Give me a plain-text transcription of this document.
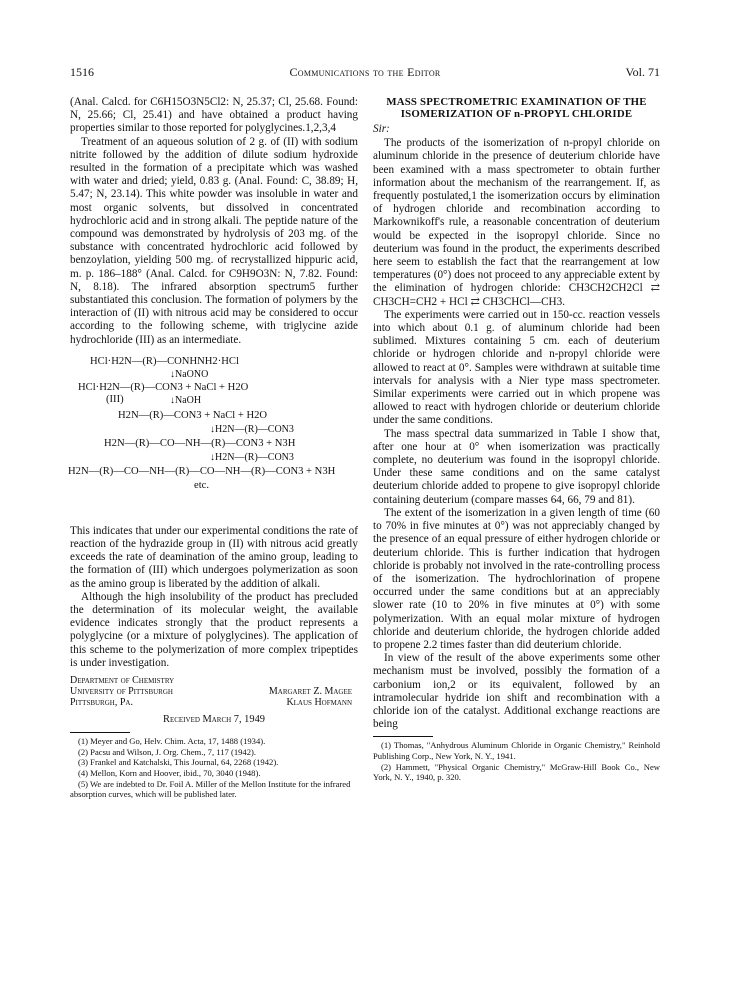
1516	Communications to the Editor	Vol. 71

(Anal. Calcd. for C6H15O3N5Cl2: N, 25.37; Cl, 25.68. Found: N, 25.66; Cl, 25.41) and have obtained a product having properties similar to those reported for polyglycines.1,2,3,4

Treatment of an aqueous solution of 2 g. of (II) with sodium nitrite followed by the addition of dilute sodium hydroxide resulted in the formation of a precipitate which was washed with water and dried; yield, 0.83 g. (Anal. Found: C, 38.89; H, 5.47; N, 23.14). This white powder was insoluble in water and most organic solvents, but dissolved in concentrated hydrochloric acid and in strong alkali. The peptide nature of the compound was demonstrated by hydrolysis of 203 mg. of the substance with concentrated hydrochloric acid followed by benzoylation, yielding 500 mg. of recrystallized hippuric acid, m. p. 186–188° (Anal. Calcd. for C9H9O3N: N, 7.82. Found: N, 8.18). The infrared absorption spectrum5 further substantiated this conclusion. The formation of polymers by the interaction of (II) with nitrous acid may be considered to occur according to the following scheme, with triglycine azide hydrochloride (III) as an intermediate.

HCl·H2N—(R)—CONHNH2·HCl
↓NaONO
HCl·H2N—(R)—CON3 + NaCl + H2O
(III)	↓NaOH
H2N—(R)—CON3 + NaCl + H2O
↓H2N—(R)—CON3
H2N—(R)—CO—NH—(R)—CON3 + N3H
↓H2N—(R)—CON3
H2N—(R)—CO—NH—(R)—CO—NH—(R)—CON3 + N3H
etc.

This indicates that under our experimental conditions the rate of reaction of the hydrazide group in (II) with nitrous acid greatly exceeds the rate of deamination of the amino group, leading to the formation of (III) which undergoes polymerization as soon as the amino group is liberated by the addition of alkali.

Although the high insolubility of the product has precluded the determination of its molecular weight, the available evidence indicates strongly that the product represents a polyglycine (or a mixture of polyglycines). The application of this scheme to the polymerization of more complex tripeptides is under investigation.

Department of Chemistry
University of Pittsburgh
Pittsburgh, Pa.
Margaret Z. Magee
Klaus Hofmann
Received March 7, 1949
(1) Meyer and Go, Helv. Chim. Acta, 17, 1488 (1934).
(2) Pacsu and Wilson, J. Org. Chem., 7, 117 (1942).
(3) Frankel and Katchalski, This Journal, 64, 2268 (1942).
(4) Mellon, Korn and Hoover, ibid., 70, 3040 (1948).
(5) We are indebted to Dr. Foil A. Miller of the Mellon Institute for the infrared absorption curves, which will be published later.
MASS SPECTROMETRIC EXAMINATION OF THE ISOMERIZATION OF n-PROPYL CHLORIDE
Sir:

The products of the isomerization of n-propyl chloride on aluminum chloride in the presence of deuterium chloride have been examined with a mass spectrometer to obtain further information about the mechanism of the rearrangement. If, as frequently postulated,1 the isomerization occurs by elimination of hydrogen chloride and recombination according to Markownikoff's rule, a reasonable concentration of deuterium would be expected in the isopropyl chloride. Since no deuterium was found in the product, the experiments described here seem to establish the fact that the rearrangement at low temperatures (0°) does not proceed to any appreciable extent by the elimination of hydrogen chloride: CH3CH2CH2Cl ⇄ CH3CH=CH2 + HCl ⇄ CH3CHCl—CH3.

The experiments were carried out in 150-cc. reaction vessels into which about 0.1 g. of aluminum chloride had been sublimed. Mixtures containing 5 cm. each of deuterium chloride or hydrogen chloride and n-propyl chloride were allowed to react at 0°. Samples were withdrawn at suitable time intervals for analysis with a Nier type mass spectrometer. Similar experiments were carried out in which propene was allowed to react with hydrogen chloride or deuterium chloride under the same conditions.

The mass spectral data summarized in Table I show that, after one hour at 0° when isomerization was practically complete, no deuterium was found in the isopropyl chloride. Under these same conditions and on the same catalyst deuterium chloride added to propene to give isopropyl chloride containing deuterium (compare masses 64, 66, 79 and 81).

The extent of the isomerization in a given length of time (60 to 70% in five minutes at 0°) was not appreciably changed by the presence of an equal pressure of either hydrogen chloride or deuterium chloride. This is further indication that hydrogen chloride is probably not involved in the rate-controlling process of the isomerization. The hydrochlorination of propene occurred under the same conditions but at an appreciably slower rate (10 to 20% in five minutes at 0°) with some polymerization. With an equal molar mixture of hydrogen chloride and deuterium chloride, the hydrogen chloride added to propene 2.2 times faster than did deuterium chloride.

In view of the result of the above experiments some other mechanism must be involved, possibly the formation of a carbonium ion,2 or its equivalent, followed by an intramolecular hydride ion shift and recombination with a chloride ion of the catalyst. Additional exchange reactions are being

(1) Thomas, "Anhydrous Aluminum Chloride in Organic Chemistry," Reinhold Publishing Corp., New York, N. Y., 1941.
(2) Hammett, "Physical Organic Chemistry," McGraw-Hill Book Co., New York, N. Y., 1940, p. 320.
